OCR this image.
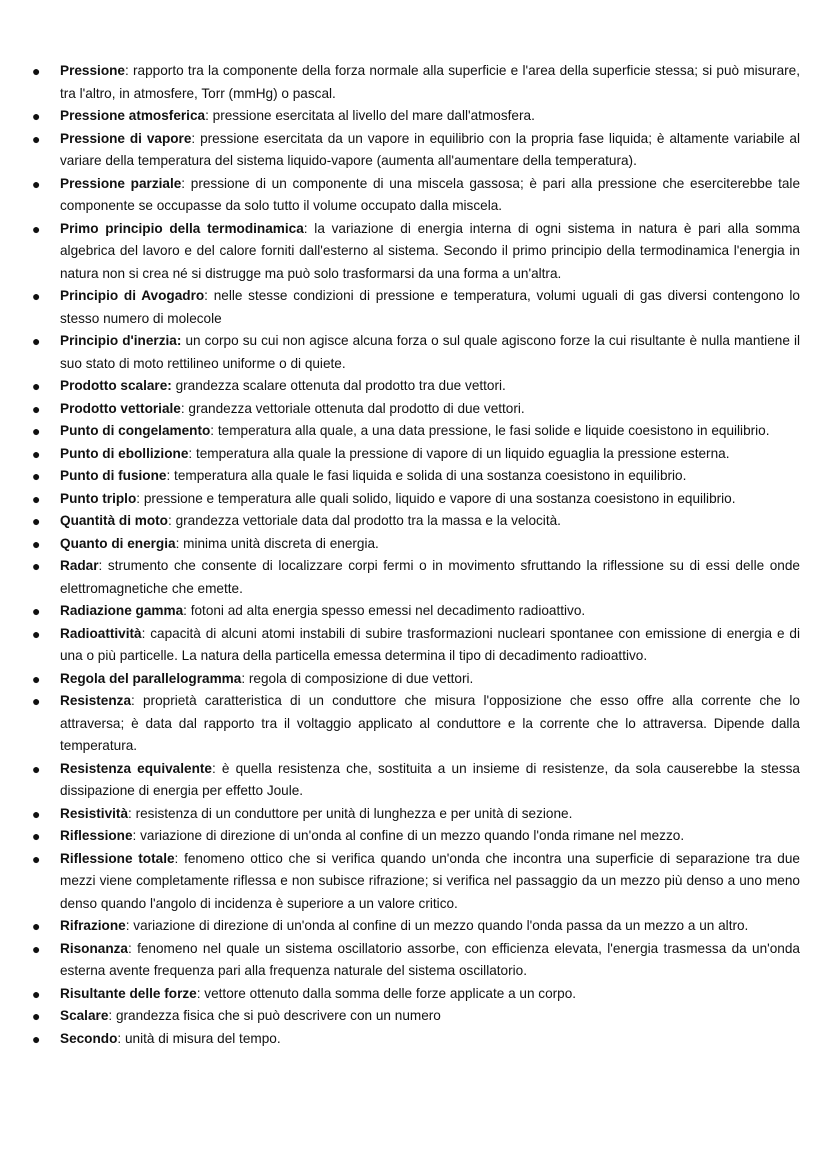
● Pressione: rapporto tra la componente della forza normale alla superficie e l'area della superficie stessa; si può misurare, tra l'altro, in atmosfere, Torr (mmHg) o pascal.
● Pressione atmosferica: pressione esercitata al livello del mare dall'atmosfera.
● Pressione di vapore: pressione esercitata da un vapore in equilibrio con la propria fase liquida; è altamente variabile al variare della temperatura del sistema liquido-vapore (aumenta all'aumentare della temperatura).
● Pressione parziale: pressione di un componente di una miscela gassosa; è pari alla pressione che eserciterebbe tale componente se occupasse da solo tutto il volume occupato dalla miscela.
● Primo principio della termodinamica: la variazione di energia interna di ogni sistema in natura è pari alla somma algebrica del lavoro e del calore forniti dall'esterno al sistema. Secondo il primo principio della termodinamica l'energia in natura non si crea né si distrugge ma può solo trasformarsi da una forma a un'altra.
● Principio di Avogadro: nelle stesse condizioni di pressione e temperatura, volumi uguali di gas diversi contengono lo stesso numero di molecole
● Principio d'inerzia: un corpo su cui non agisce alcuna forza o sul quale agiscono forze la cui risultante è nulla mantiene il suo stato di moto rettilineo uniforme o di quiete.
● Prodotto scalare: grandezza scalare ottenuta dal prodotto tra due vettori.
● Prodotto vettoriale: grandezza vettoriale ottenuta dal prodotto di due vettori.
● Punto di congelamento: temperatura alla quale, a una data pressione, le fasi solide e liquide coesistono in equilibrio.
● Punto di ebollizione: temperatura alla quale la pressione di vapore di un liquido eguaglia la pressione esterna.
● Punto di fusione: temperatura alla quale le fasi liquida e solida di una sostanza coesistono in equilibrio.
● Punto triplo: pressione e temperatura alle quali solido, liquido e vapore di una sostanza coesistono in equilibrio.
● Quantità di moto: grandezza vettoriale data dal prodotto tra la massa e la velocità.
● Quanto di energia: minima unità discreta di energia.
● Radar: strumento che consente di localizzare corpi fermi o in movimento sfruttando la riflessione su di essi delle onde elettromagnetiche che emette.
● Radiazione gamma: fotoni ad alta energia spesso emessi nel decadimento radioattivo.
● Radioattività: capacità di alcuni atomi instabili di subire trasformazioni nucleari spontanee con emissione di energia e di una o più particelle. La natura della particella emessa determina il tipo di decadimento radioattivo.
● Regola del parallelogramma: regola di composizione di due vettori.
● Resistenza: proprietà caratteristica di un conduttore che misura l'opposizione che esso offre alla corrente che lo attraversa; è data dal rapporto tra il voltaggio applicato al conduttore e la corrente che lo attraversa. Dipende dalla temperatura.
● Resistenza equivalente: è quella resistenza che, sostituita a un insieme di resistenze, da sola causerebbe la stessa dissipazione di energia per effetto Joule.
● Resistività: resistenza di un conduttore per unità di lunghezza e per unità di sezione.
● Riflessione: variazione di direzione di un'onda al confine di un mezzo quando l'onda rimane nel mezzo.
● Riflessione totale: fenomeno ottico che si verifica quando un'onda che incontra una superficie di separazione tra due mezzi viene completamente riflessa e non subisce rifrazione; si verifica nel passaggio da un mezzo più denso a uno meno denso quando l'angolo di incidenza è superiore a un valore critico.
● Rifrazione: variazione di direzione di un'onda al confine di un mezzo quando l'onda passa da un mezzo a un altro.
● Risonanza: fenomeno nel quale un sistema oscillatorio assorbe, con efficienza elevata, l'energia trasmessa da un'onda esterna avente frequenza pari alla frequenza naturale del sistema oscillatorio.
● Risultante delle forze: vettore ottenuto dalla somma delle forze applicate a un corpo.
● Scalare: grandezza fisica che si può descrivere con un numero
● Secondo: unità di misura del tempo.
